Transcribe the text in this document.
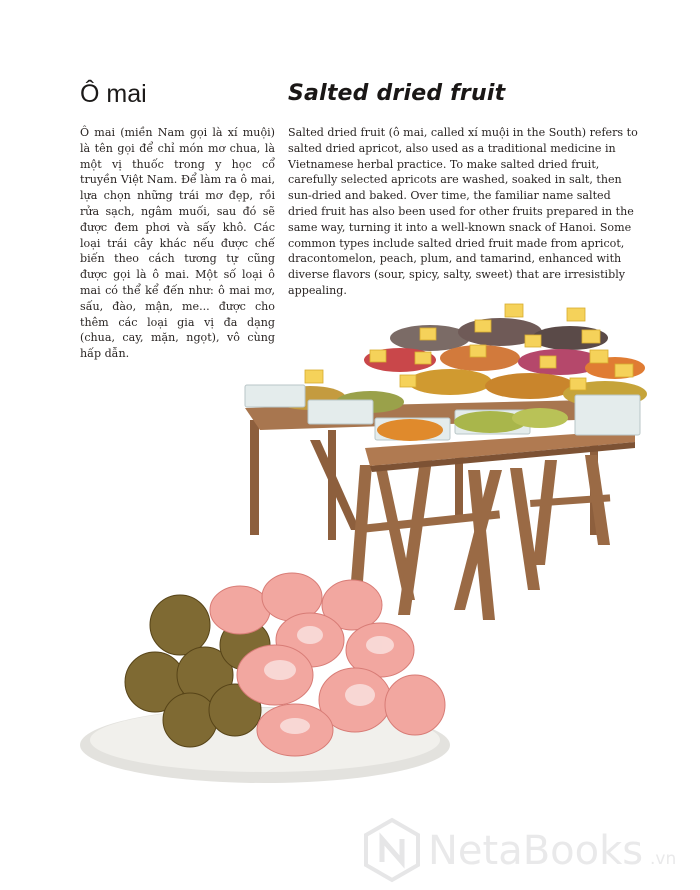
Ô mai

Ô mai (miền Nam gọi là xí muội) là tên gọi để chỉ món mơ chua, là một vị thuốc trong y học cổ truyền Việt Nam. Để làm ra ô mai, lựa chọn những trái mơ đẹp, rồi rửa sạch, ngâm muối, sau đó sẽ được đem phơi và sấy khô. Các loại trái cây khác nếu được chế biến theo cách tương tự cũng được gọi là ô mai. Một số loại ô mai có thể kể đến như: ô mai mơ, sấu, đào, mận, me... được cho thêm các loại gia vị đa dạng (chua, cay, mặn, ngọt), vô cùng hấp dẫn.

Salted dried fruit

Salted dried fruit (ô mai, called xí muội in the South) refers to salted dried apricot, also used as a traditional medicine in Vietnamese herbal practice. To make salted dried fruit, carefully selected apricots are washed, soaked in salt, then sun-dried and baked. Over time, the familiar name salted dried fruit has also been used for other fruits prepared in the same way, turning it into a well-known snack of Hanoi. Some common types include salted dried fruit made from apricot, dracontomelon, peach, plum, and tamarind, enhanced with diverse flavors (sour, spicy, salty, sweet) that are irresistibly appealing.

NetaBooks .vn
